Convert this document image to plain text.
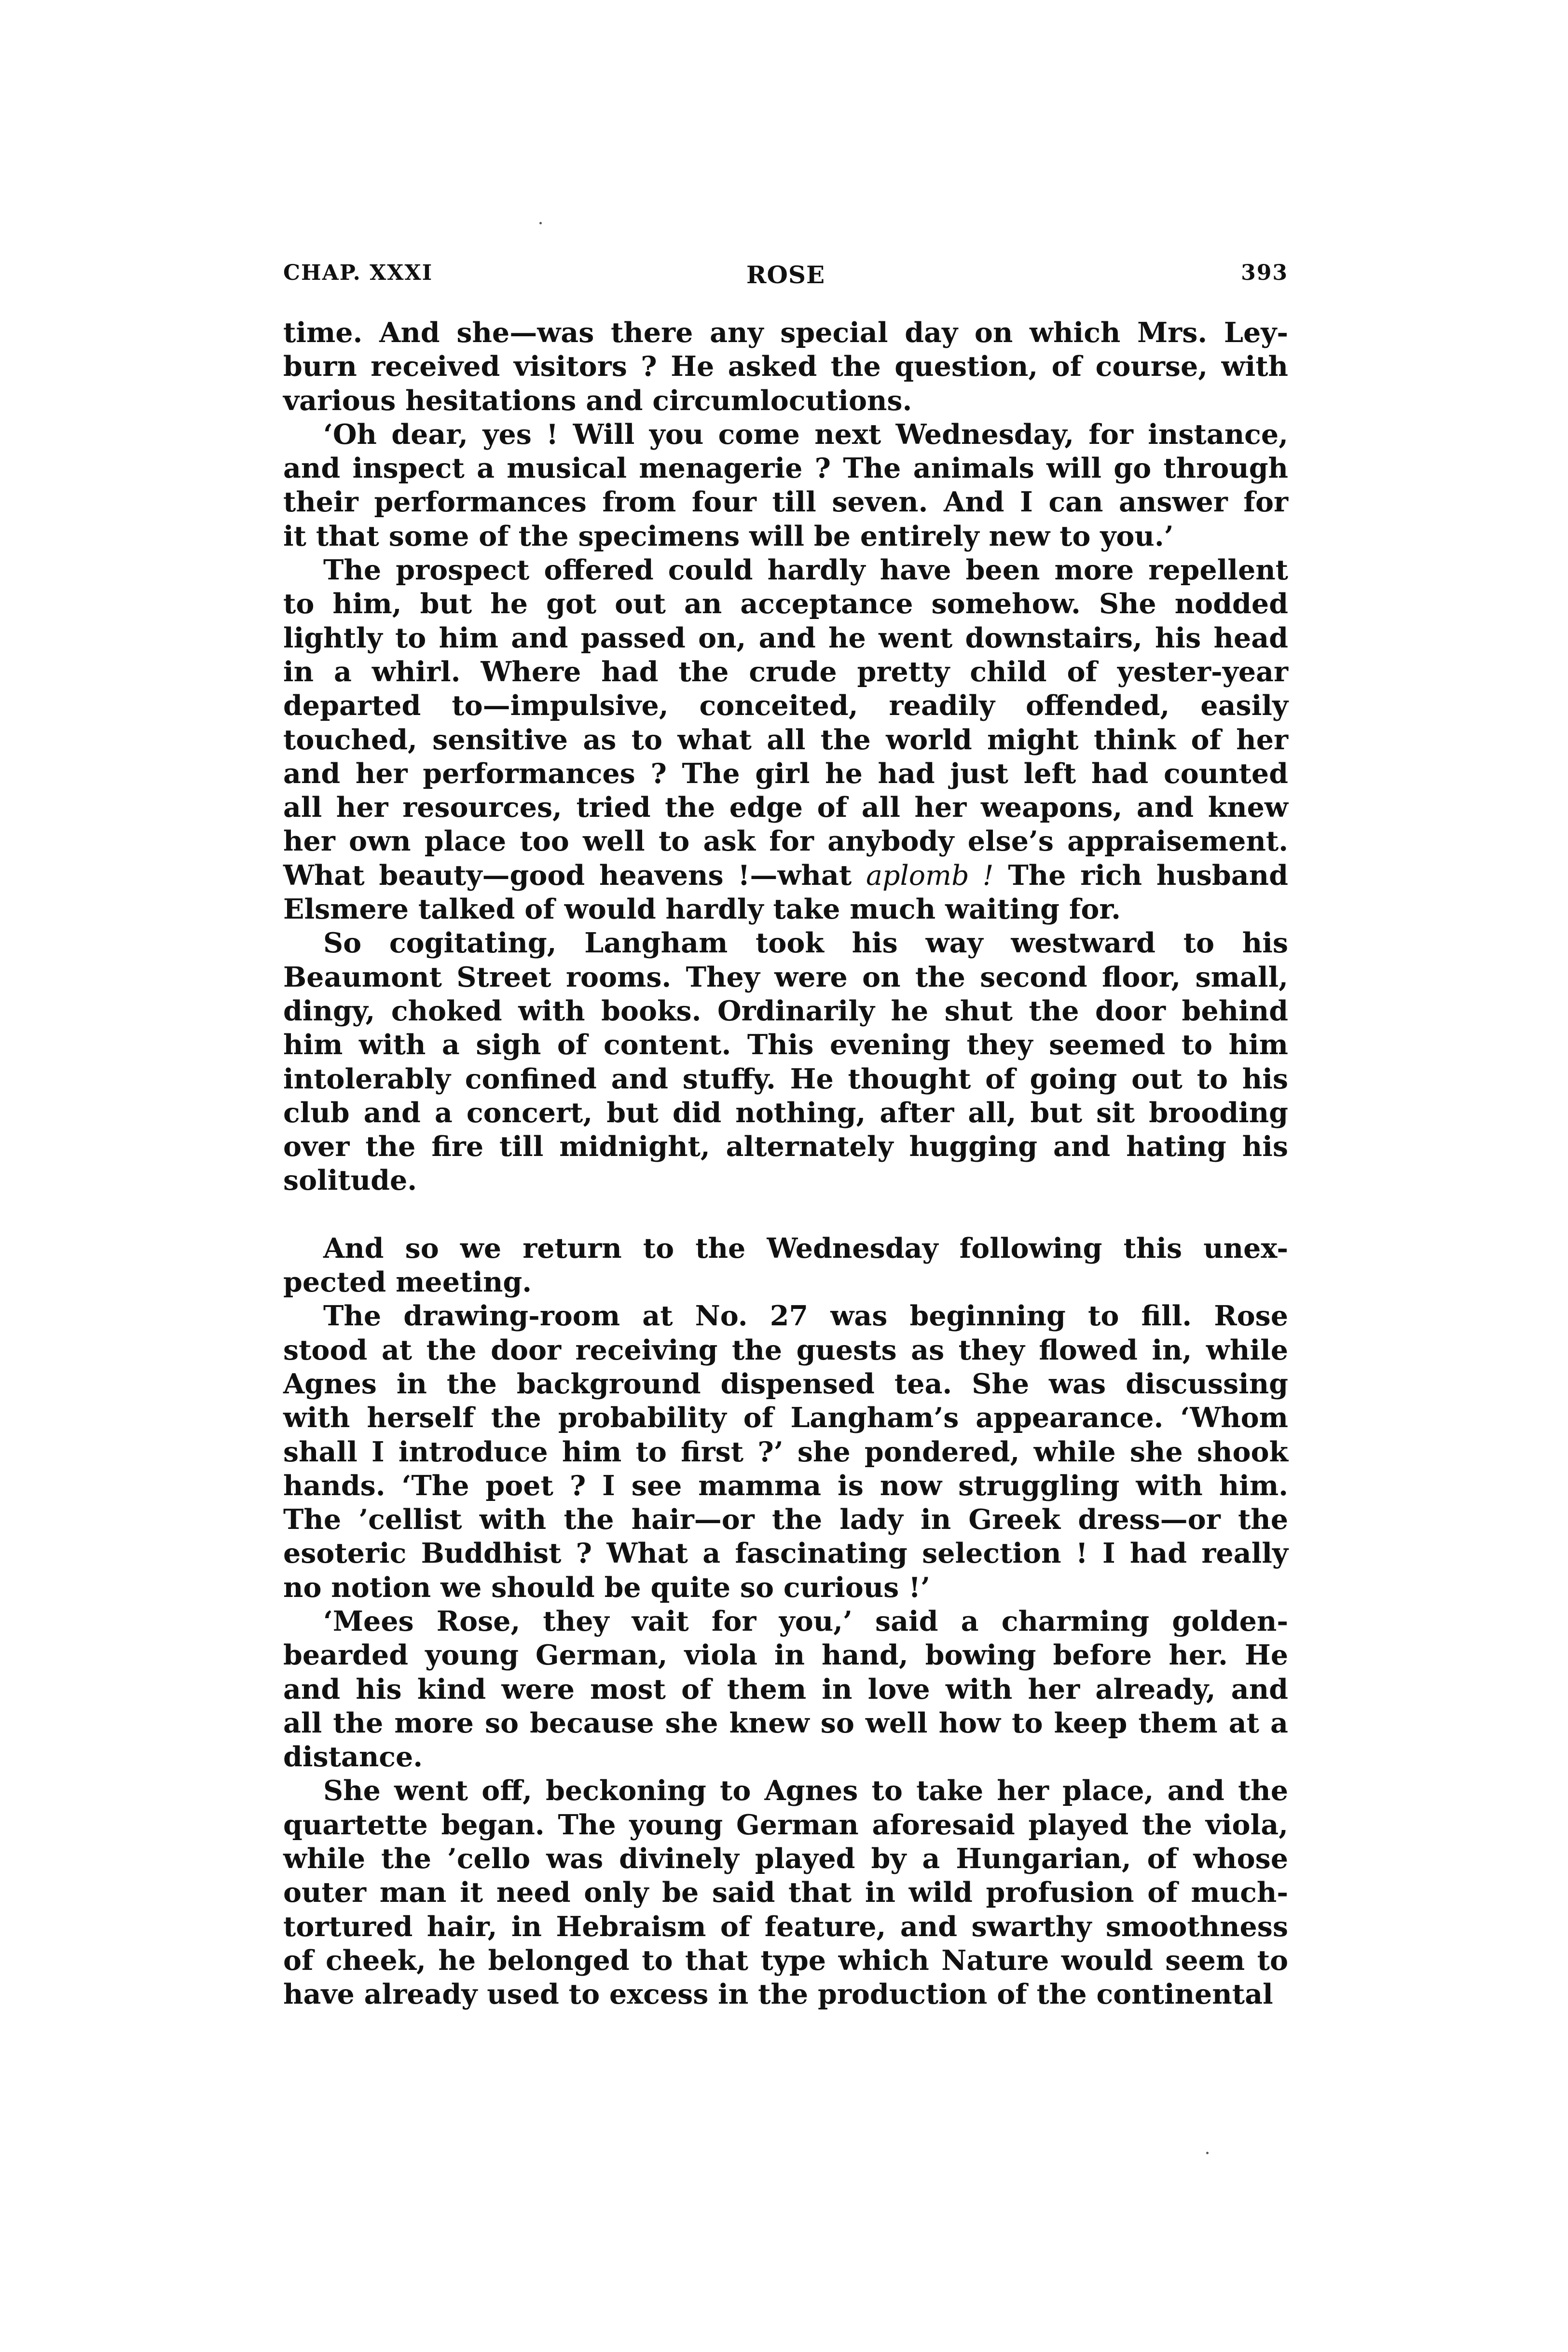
CHAP. XXXI	ROSE	393
time. And she—was there any special day on which Mrs. Ley-
burn received visitors ? He asked the question, of course, with
various hesitations and circumlocutions.
‘Oh dear, yes ! Will you come next Wednesday, for instance,
and inspect a musical menagerie ? The animals will go through
their performances from four till seven. And I can answer for
it that some of the specimens will be entirely new to you.’
The prospect offered could hardly have been more repellent
to him, but he got out an acceptance somehow. She nodded
lightly to him and passed on, and he went downstairs, his head
in a whirl. Where had the crude pretty child of yester-year
departed to—impulsive, conceited, readily offended, easily
touched, sensitive as to what all the world might think of her
and her performances ? The girl he had just left had counted
all her resources, tried the edge of all her weapons, and knew
her own place too well to ask for anybody else’s appraisement.
What beauty—good heavens !—what aplomb ! The rich husband
Elsmere talked of would hardly take much waiting for.
So cogitating, Langham took his way westward to his
Beaumont Street rooms. They were on the second floor, small,
dingy, choked with books. Ordinarily he shut the door behind
him with a sigh of content. This evening they seemed to him
intolerably confined and stuffy. He thought of going out to his
club and a concert, but did nothing, after all, but sit brooding
over the fire till midnight, alternately hugging and hating his
solitude.
And so we return to the Wednesday following this unex-
pected meeting.
The drawing-room at No. 27 was beginning to fill. Rose
stood at the door receiving the guests as they flowed in, while
Agnes in the background dispensed tea. She was discussing
with herself the probability of Langham’s appearance. ‘Whom
shall I introduce him to first ?’ she pondered, while she shook
hands. ‘The poet ? I see mamma is now struggling with him.
The ’cellist with the hair—or the lady in Greek dress—or the
esoteric Buddhist ? What a fascinating selection ! I had really
no notion we should be quite so curious !’
‘Mees Rose, they vait for you,’ said a charming golden-
bearded young German, viola in hand, bowing before her. He
and his kind were most of them in love with her already, and
all the more so because she knew so well how to keep them at a
distance.
She went off, beckoning to Agnes to take her place, and the
quartette began. The young German aforesaid played the viola,
while the ’cello was divinely played by a Hungarian, of whose
outer man it need only be said that in wild profusion of much-
tortured hair, in Hebraism of feature, and swarthy smoothness
of cheek, he belonged to that type which Nature would seem to
have already used to excess in the production of the continental
